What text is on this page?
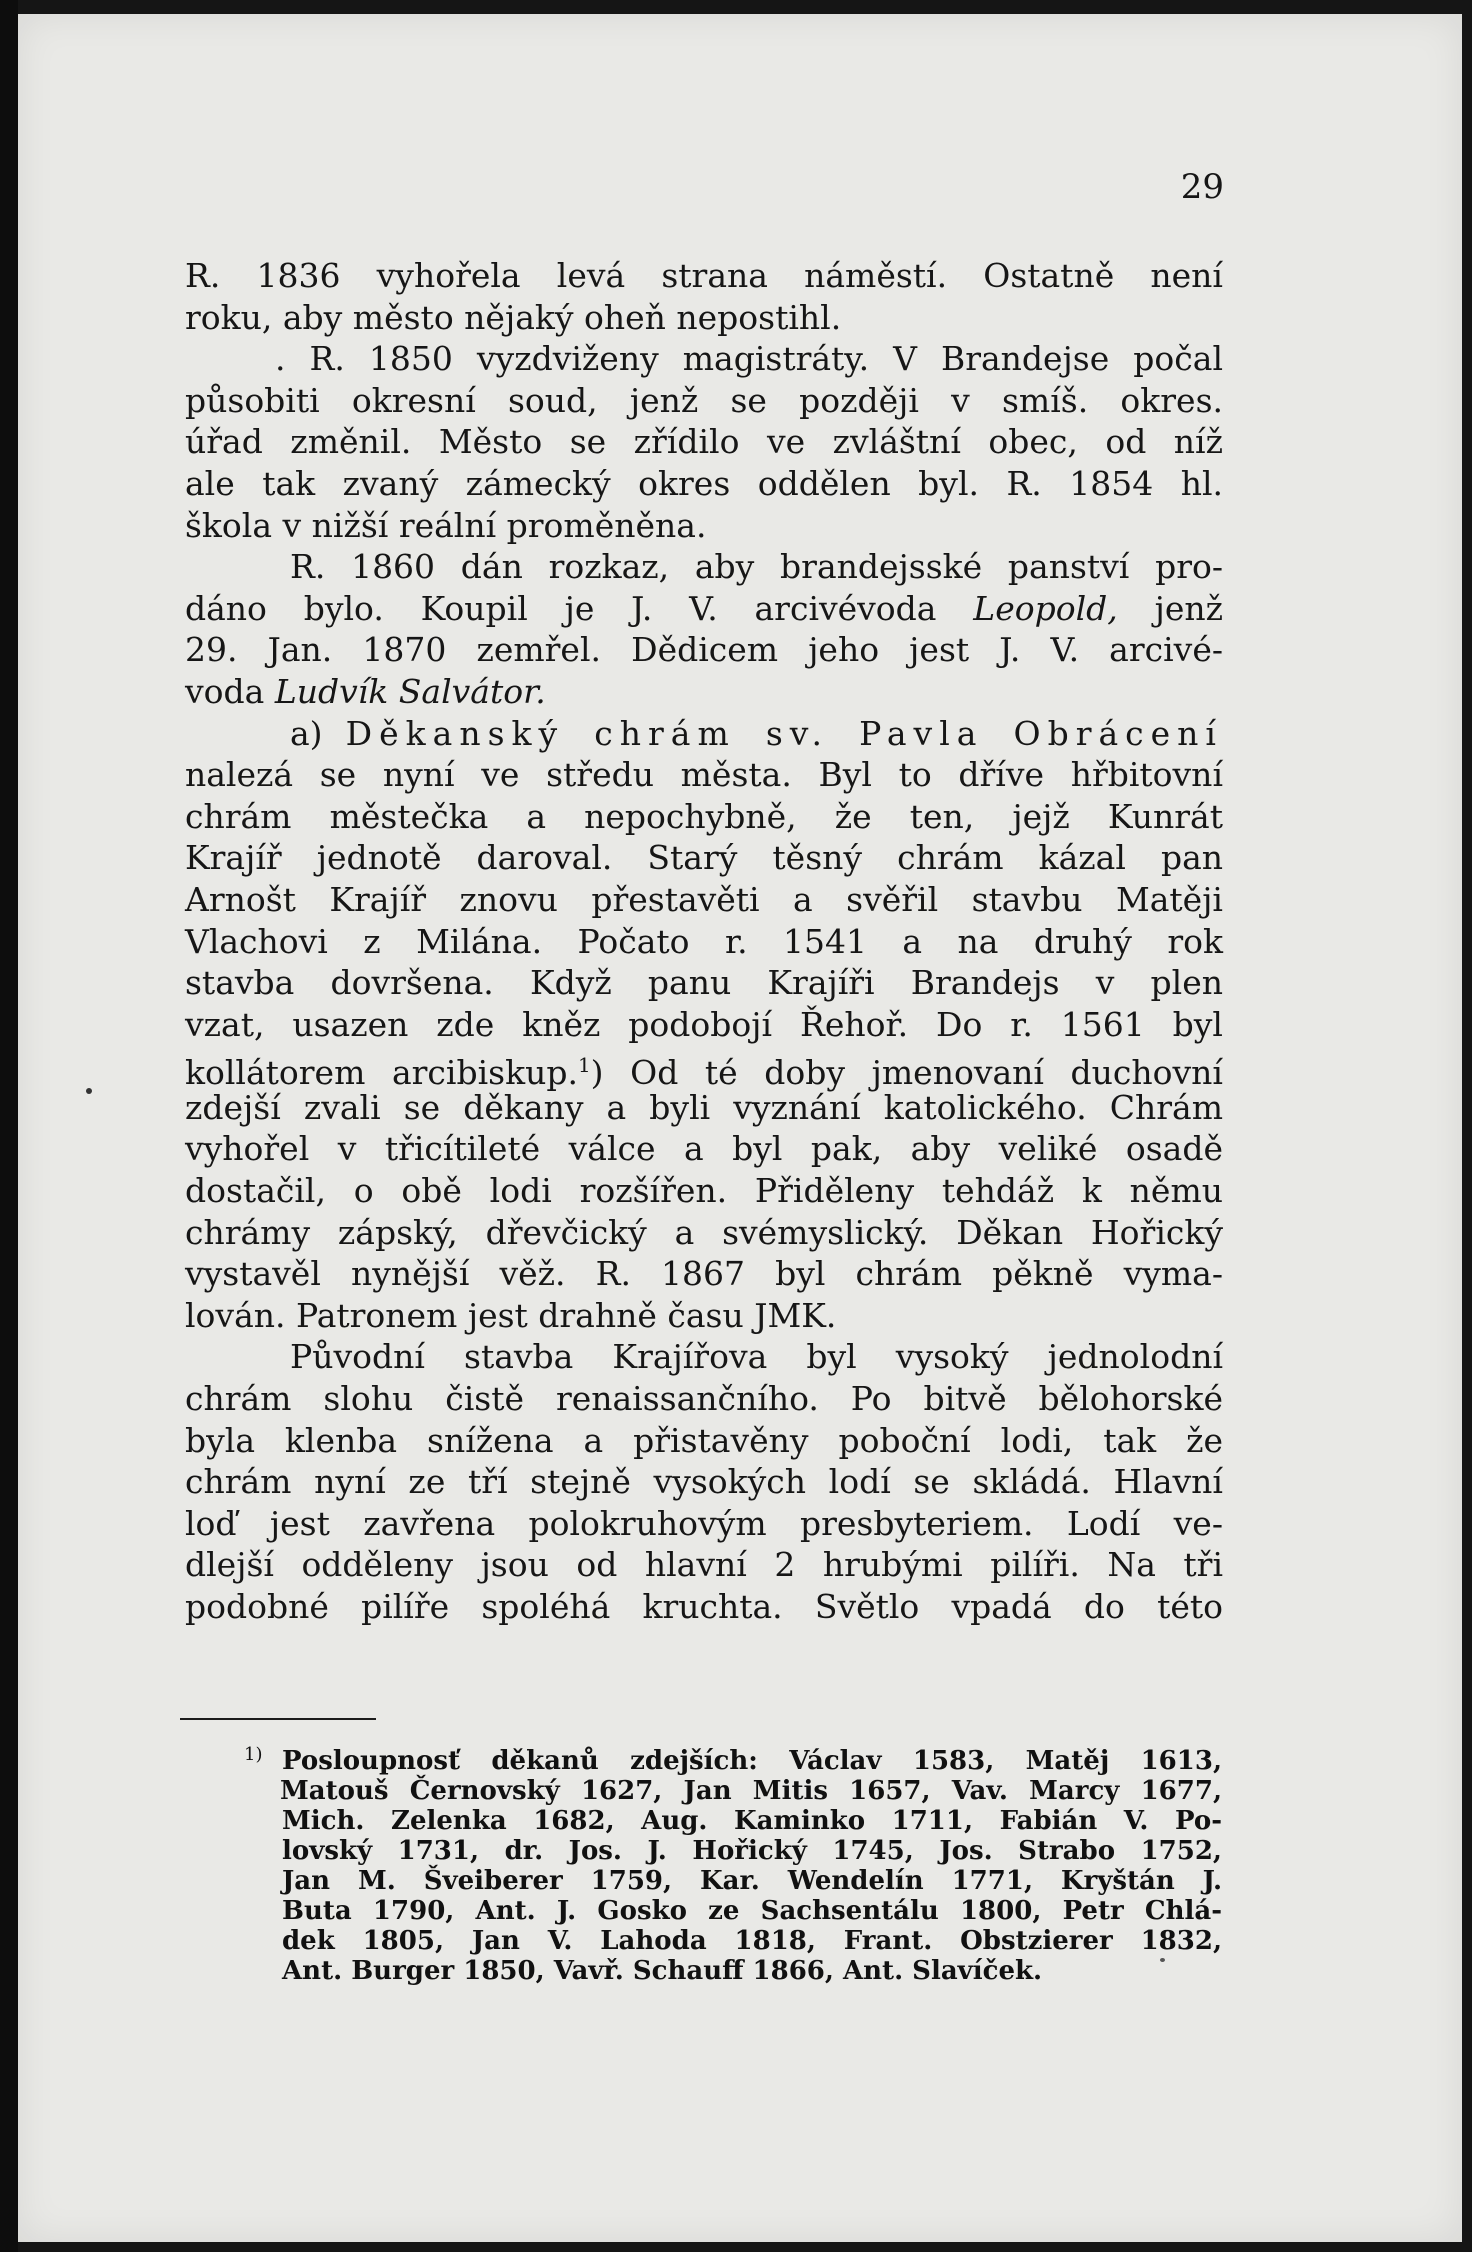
29
R. 1836 vyhořela levá strana náměstí. Ostatně není
roku, aby město nějaký oheň nepostihl.
. R. 1850 vyzdviženy magistráty. V Brandejse počal
působiti okresní soud, jenž se později v smíš. okres.
úřad změnil. Město se zřídilo ve zvláštní obec, od níž
ale tak zvaný zámecký okres oddělen byl. R. 1854 hl.
škola v nižší reální proměněna.
R. 1860 dán rozkaz, aby brandejsské panství pro-
dáno bylo. Koupil je J. V. arcivévoda Leopold, jenž
29. Jan. 1870 zemřel. Dědicem jeho jest J. V. arcivé-
voda Ludvík Salvátor.
a) Děkanský chrám sv. Pavla Obrácení
nalezá se nyní ve středu města. Byl to dříve hřbitovní
chrám městečka a nepochybně, že ten, jejž Kunrát
Krajíř jednotě daroval. Starý těsný chrám kázal pan
Arnošt Krajíř znovu přestavěti a svěřil stavbu Matěji
Vlachovi z Milána. Počato r. 1541 a na druhý rok
stavba dovršena. Když panu Krajíři Brandejs v plen
vzat, usazen zde kněz podobojí Řehoř. Do r. 1561 byl
kollátorem arcibiskup.$^1$) Od té doby jmenovaní duchovní
zdejší zvali se děkany a byli vyznání katolického. Chrám
vyhořel v třicítileté válce a byl pak, aby veliké osadě
dostačil, o obě lodi rozšířen. Přiděleny tehdáž k němu
chrámy zápský, dřevčický a svémyslický. Děkan Hořický
vystavěl nynější věž. R. 1867 byl chrám pěkně vyma-
lován. Patronem jest drahně času JMK.
Původní stavba Krajířova byl vysoký jednolodní
chrám slohu čistě renaissančního. Po bitvě bělohorské
byla klenba snížena a přistavěny poboční lodi, tak že
chrám nyní ze tří stejně vysokých lodí se skládá. Hlavní
loď jest zavřena polokruhovým presbyteriem. Lodí ve-
dlejší odděleny jsou od hlavní 2 hrubými pilíři. Na tři
podobné pilíře spoléhá kruchta. Světlo vpadá do této
1) Posloupnosť děkanů zdejších: Václav 1583, Matěj 1613,
Matouš Černovský 1627, Jan Mitis 1657, Vav. Marcy 1677,
Mich. Zelenka 1682, Aug. Kaminko 1711, Fabián V. Po-
lovský 1731, dr. Jos. J. Hořický 1745, Jos. Strabo 1752,
Jan M. Šveiberer 1759, Kar. Wendelín 1771, Kryštán J.
Buta 1790, Ant. J. Gosko ze Sachsentálu 1800, Petr Chlá-
dek 1805, Jan V. Lahoda 1818, Frant. Obstzierer 1832,
Ant. Burger 1850, Vavř. Schauff 1866, Ant. Slavíček.
